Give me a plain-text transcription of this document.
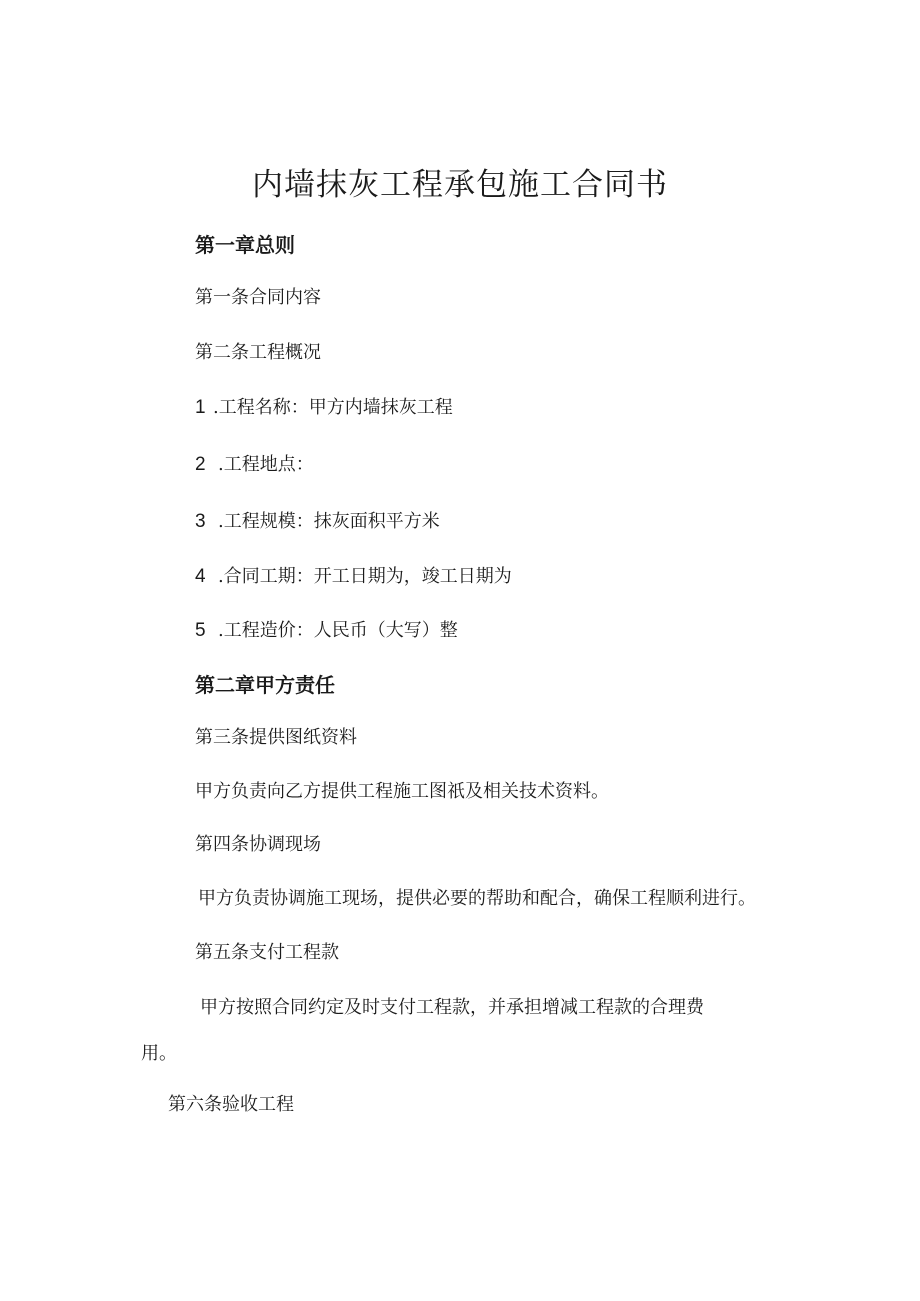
内墙抹灰工程承包施工合同书
第一章总则
第一条合同内容
第二条工程概况
1 .工程名称：甲方内墙抹灰工程
2 .工程地点：
3 .工程规模：抹灰面积平方米
4 .合同工期：开工日期为，竣工日期为
5 .工程造价：人民币（大写）整
第二章甲方责任
第三条提供图纸资料
甲方负责向乙方提供工程施工图祇及相关技术资料。
第四条协调现场
甲方负责协调施工现场，提供必要的帮助和配合，确保工程顺利进行。
第五条支付工程款
甲方按照合同约定及时支付工程款，并承担增减工程款的合理费
用。
第六条验收工程
